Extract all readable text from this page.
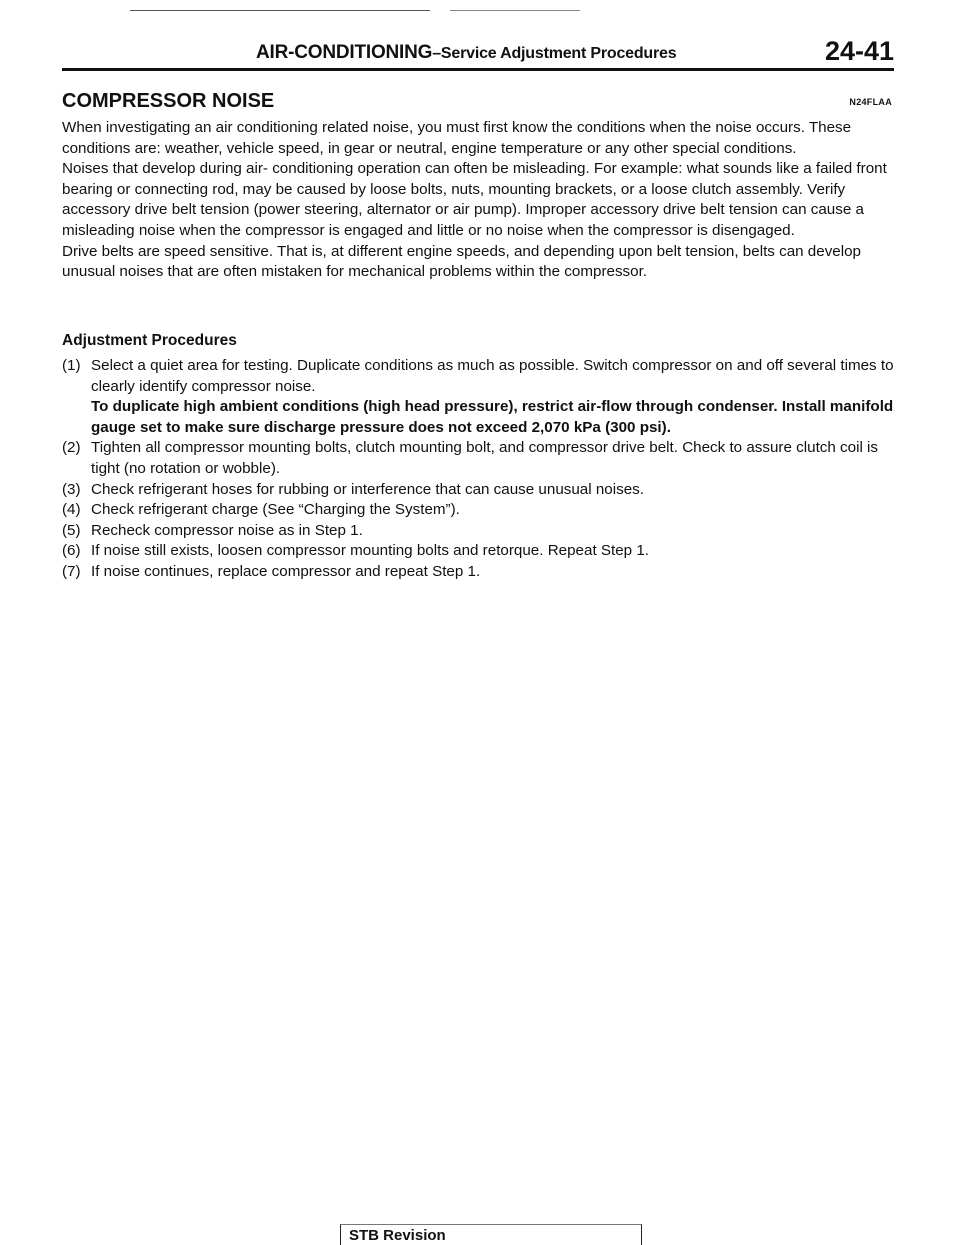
AIR-CONDITIONING–Service Adjustment Procedures	24-41
COMPRESSOR NOISE	N24FLAA

When investigating an air conditioning related noise, you must first know the conditions when the noise occurs. These conditions are: weather, vehicle speed, in gear or neutral, engine temperature or any other special conditions.

Noises that develop during air- conditioning operation can often be misleading. For example: what sounds like a failed front bearing or connecting rod, may be caused by loose bolts, nuts, mounting brackets, or a loose clutch assembly. Verify accessory drive belt tension (power steering, alternator or air pump). Improper accessory drive belt tension can cause a misleading noise when the compressor is engaged and little or no noise when the compressor is disengaged.

Drive belts are speed sensitive. That is, at different engine speeds, and depending upon belt tension, belts can develop unusual noises that are often mistaken for mechanical problems within the compressor.

Adjustment Procedures
(1) Select a quiet area for testing. Duplicate conditions as much as possible. Switch compressor on and off several times to clearly identify compressor noise.
To duplicate high ambient conditions (high head pressure), restrict air-flow through condenser. Install manifold gauge set to make sure discharge pressure does not exceed 2,070 kPa (300 psi).
(2) Tighten all compressor mounting bolts, clutch mounting bolt, and compressor drive belt. Check to assure clutch coil is tight (no rotation or wobble).
(3) Check refrigerant hoses for rubbing or interference that can cause unusual noises.
(4) Check refrigerant charge (See “Charging the System”).
(5) Recheck compressor noise as in Step 1.
(6) If noise still exists, loosen compressor mounting bolts and retorque. Repeat Step 1.
(7) If noise continues, replace compressor and repeat Step 1.
STB Revision
